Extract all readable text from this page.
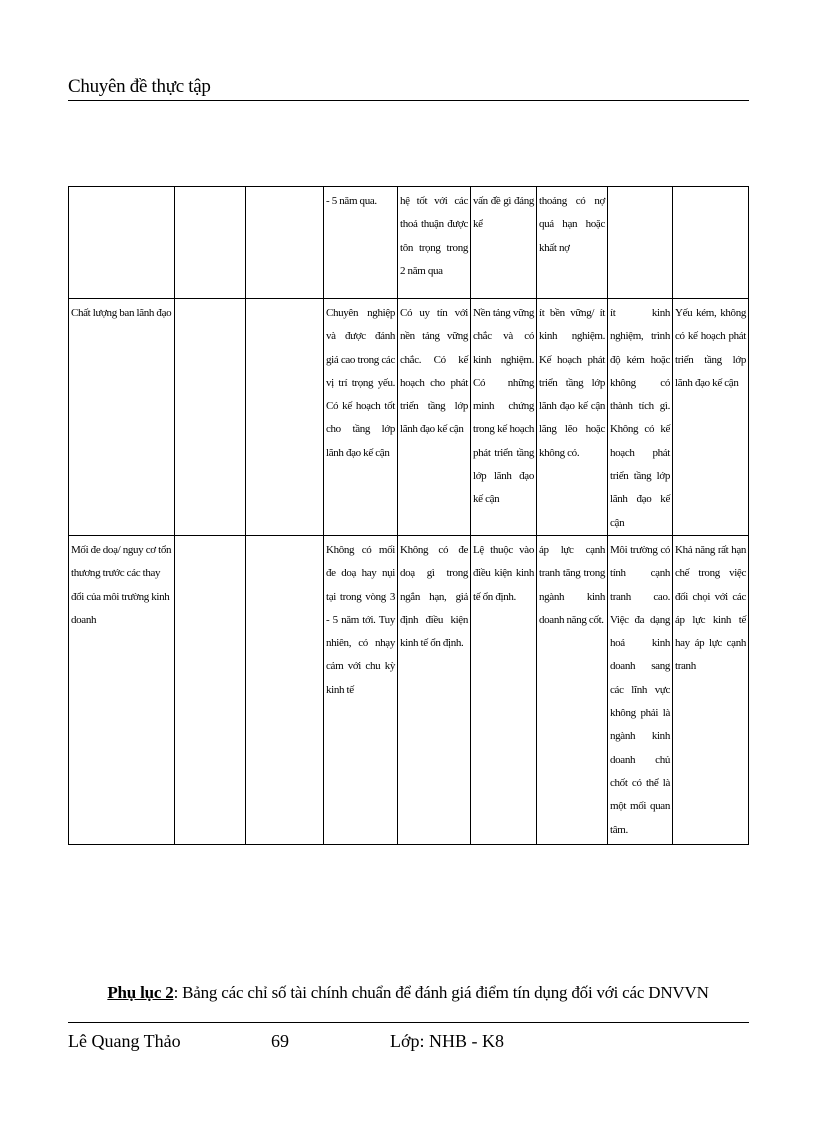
Chuyên đề thực tập
			- 5 năm qua.	hệ tốt với các thoả thuận được tôn trọng trong 2 năm qua	vấn đề gì đáng kể	thoảng có nợ quá hạn hoặc khất nợ		
Chất lượng ban lãnh đạo			Chuyên nghiệp và được đánh giá cao trong các vị trí trọng yếu. Có kế hoạch tốt cho tầng lớp lãnh đạo kế cận	Có uy tín với nền tảng vững chắc. Có kế hoạch cho phát triển tầng lớp lãnh đạo kế cận	Nền tảng vững chắc và có kinh nghiệm. Có những minh chứng trong kế hoạch phát triển tầng lớp lãnh đạo kế cận	ít bền vững/ ít kinh nghiệm. Kế hoạch phát triển tầng lớp lãnh đạo kế cận lãng lẽo hoặc không có.	ít kinh nghiệm, trình độ kém hoặc không có thành tích gì. Không có kế hoạch phát triển tầng lớp lãnh đạo kế cận	Yếu kém, không có kế hoạch phát triển tầng lớp lãnh đạo kế cận
Mối đe doạ/ nguy cơ tổn thương trước các thay đổi của môi trường kinh doanh			Không có mối đe doạ hay nụi tại trong vòng 3 - 5 năm tới. Tuy nhiên, có nhạy cảm với chu kỳ kinh tế	Không có đe doạ gì trong ngắn hạn, giả định điều kiện kinh tế ổn định.	Lệ thuộc vào điều kiện kinh tế ổn định.	áp lực cạnh tranh tăng trong ngành kinh doanh năng cốt.	Môi trường có tính cạnh tranh cao. Việc đa dạng hoá kinh doanh sang các lĩnh vực không phải là ngành kinh doanh chủ chốt có thể là một mối quan tâm.	Khả năng rất hạn chế trong việc đối chọi với các áp lực kinh tế hay áp lực cạnh tranh
Phụ lục 2: Bảng các chỉ số tài chính chuẩn để đánh giá điểm tín dụng đối với các DNVVN
Lê Quang Thảo	69	Lớp: NHB - K8
